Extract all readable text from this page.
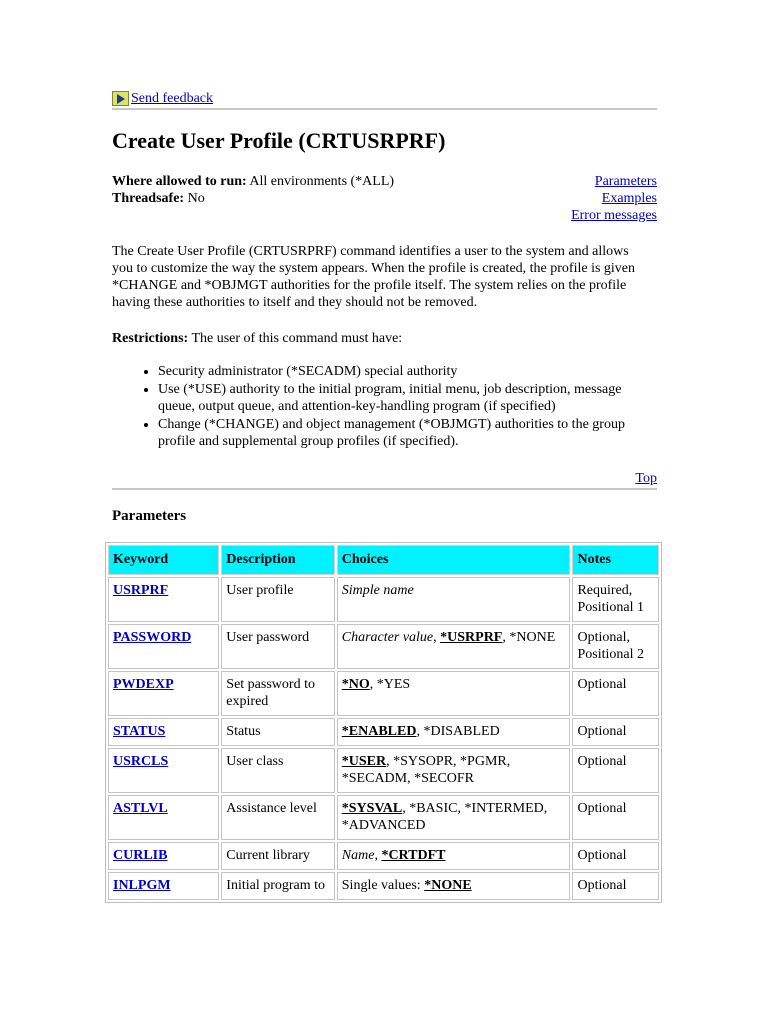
Send feedback
Create User Profile (CRTUSRPRF)
Where allowed to run: All environments (*ALL)
Threadsafe: No
Parameters
Examples
Error messages

The Create User Profile (CRTUSRPRF) command identifies a user to the system and allows you to customize the way the system appears. When the profile is created, the profile is given *CHANGE and *OBJMGT authorities for the profile itself. The system relies on the profile having these authorities to itself and they should not be removed.

Restrictions: The user of this command must have:

• Security administrator (*SECADM) special authority
• Use (*USE) authority to the initial program, initial menu, job description, message queue, output queue, and attention-key-handling program (if specified)
• Change (*CHANGE) and object management (*OBJMGT) authorities to the group profile and supplemental group profiles (if specified).
Top
Parameters
Keyword	Description	Choices	Notes
USRPRF	User profile	Simple name	Required, Positional 1
PASSWORD	User password	Character value, *USRPRF, *NONE	Optional, Positional 2
PWDEXP	Set password to expired	*NO, *YES	Optional
STATUS	Status	*ENABLED, *DISABLED	Optional
USRCLS	User class	*USER, *SYSOPR, *PGMR, *SECADM, *SECOFR	Optional
ASTLVL	Assistance level	*SYSVAL, *BASIC, *INTERMED, *ADVANCED	Optional
CURLIB	Current library	Name, *CRTDFT	Optional
INLPGM	Initial program to	Single values: *NONE	Optional
